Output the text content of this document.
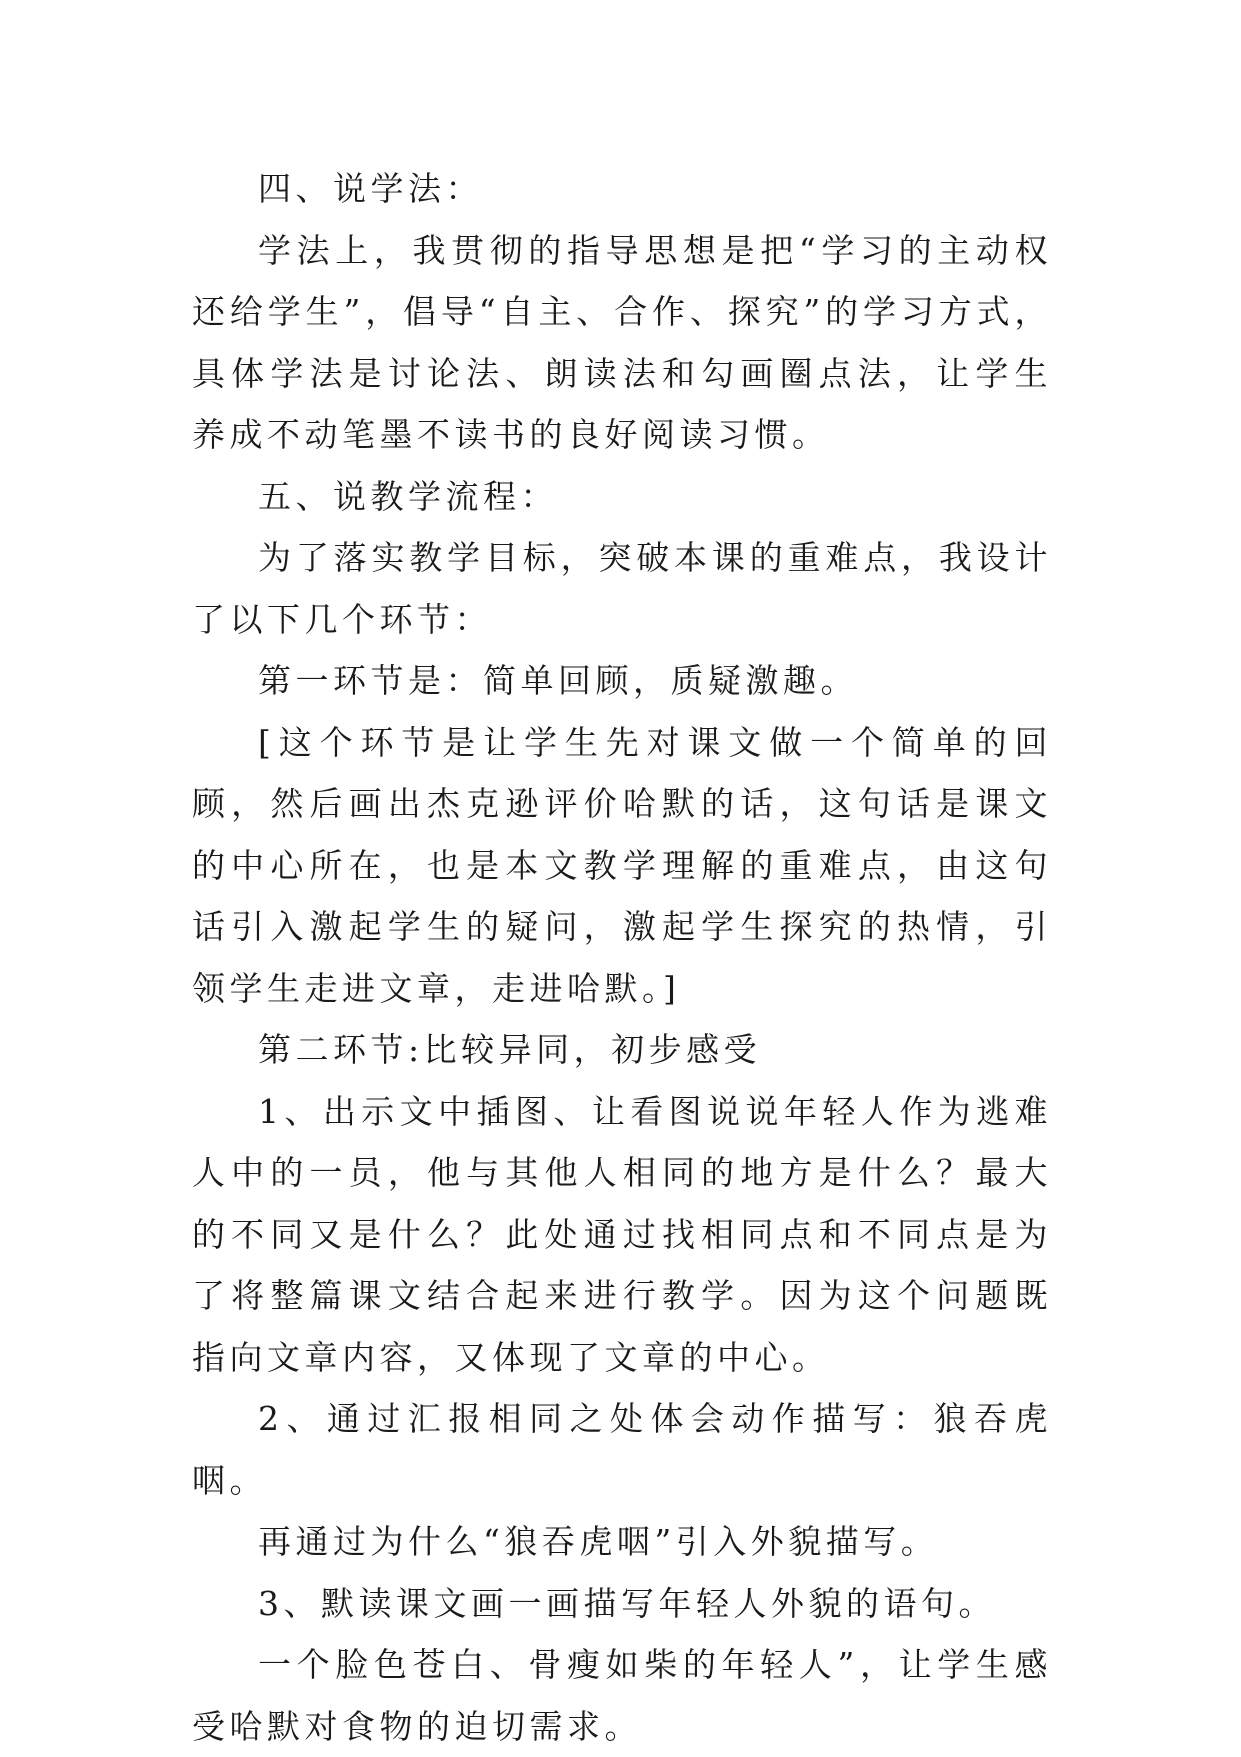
四、说学法：

学法上，我贯彻的指导思想是把“学习的主动权还给学生”，倡导“自主、合作、探究”的学习方式，具体学法是讨论法、朗读法和勾画圈点法，让学生养成不动笔墨不读书的良好阅读习惯。

五、说教学流程：

为了落实教学目标，突破本课的重难点，我设计了以下几个环节：

第一环节是：简单回顾，质疑激趣。

[这个环节是让学生先对课文做一个简单的回顾，然后画出杰克逊评价哈默的话，这句话是课文的中心所在，也是本文教学理解的重难点，由这句话引入激起学生的疑问，激起学生探究的热情，引领学生走进文章，走进哈默。]

第二环节:比较异同，初步感受

1、出示文中插图、让看图说说年轻人作为逃难人中的一员，他与其他人相同的地方是什么？最大的不同又是什么？此处通过找相同点和不同点是为了将整篇课文结合起来进行教学。因为这个问题既指向文章内容，又体现了文章的中心。

2、通过汇报相同之处体会动作描写：狼吞虎咽。

再通过为什么“狼吞虎咽”引入外貌描写。

3、默读课文画一画描写年轻人外貌的语句。

一个脸色苍白、骨瘦如柴的年轻人”，让学生感受哈默对食物的迫切需求。
